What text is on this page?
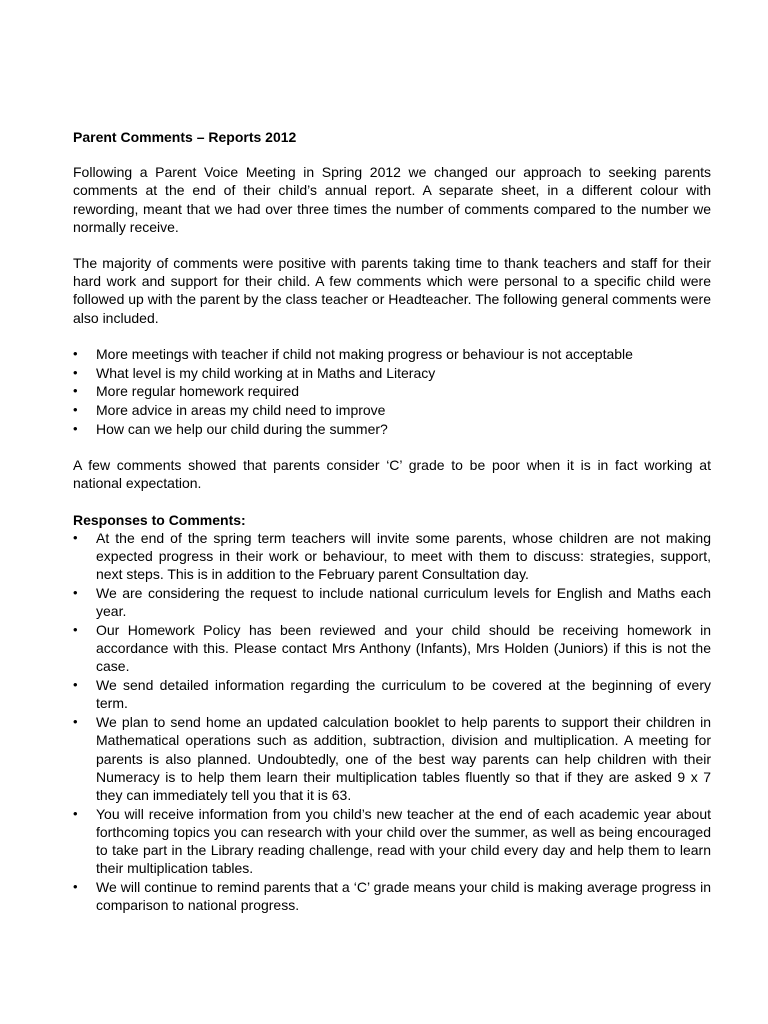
Parent Comments – Reports 2012

Following a Parent Voice Meeting in Spring 2012 we changed our approach to seeking parents comments at the end of their child’s annual report. A separate sheet, in a different colour with rewording, meant that we had over three times the number of comments compared to the number we normally receive.

The majority of comments were positive with parents taking time to thank teachers and staff for their hard work and support for their child. A few comments which were personal to a specific child were followed up with the parent by the class teacher or Headteacher. The following general comments were also included.

•	More meetings with teacher if child not making progress or behaviour is not acceptable
•	What level is my child working at in Maths and Literacy
•	More regular homework required
•	More advice in areas my child need to improve
•	How can we help our child during the summer?

A few comments showed that parents consider ‘C’ grade to be poor when it is in fact working at national expectation.

Responses to Comments:
•	At the end of the spring term teachers will invite some parents, whose children are not making expected progress in their work or behaviour, to meet with them to discuss: strategies, support, next steps. This is in addition to the February parent Consultation day.
•	We are considering the request to include national curriculum levels for English and Maths each year.
•	Our Homework Policy has been reviewed and your child should be receiving homework in accordance with this. Please contact Mrs Anthony (Infants), Mrs Holden (Juniors) if this is not the case.
•	We send detailed information regarding the curriculum to be covered at the beginning of every term.
•	We plan to send home an updated calculation booklet to help parents to support their children in Mathematical operations such as addition, subtraction, division and multiplication. A meeting for parents is also planned. Undoubtedly, one of the best way parents can help children with their Numeracy is to help them learn their multiplication tables fluently so that if they are asked 9 x 7 they can immediately tell you that it is 63.
•	You will receive information from you child’s new teacher at the end of each academic year about forthcoming topics you can research with your child over the summer, as well as being encouraged to take part in the Library reading challenge, read with your child every day and help them to learn their multiplication tables.
•	We will continue to remind parents that a ‘C’ grade means your child is making average progress in comparison to national progress.
